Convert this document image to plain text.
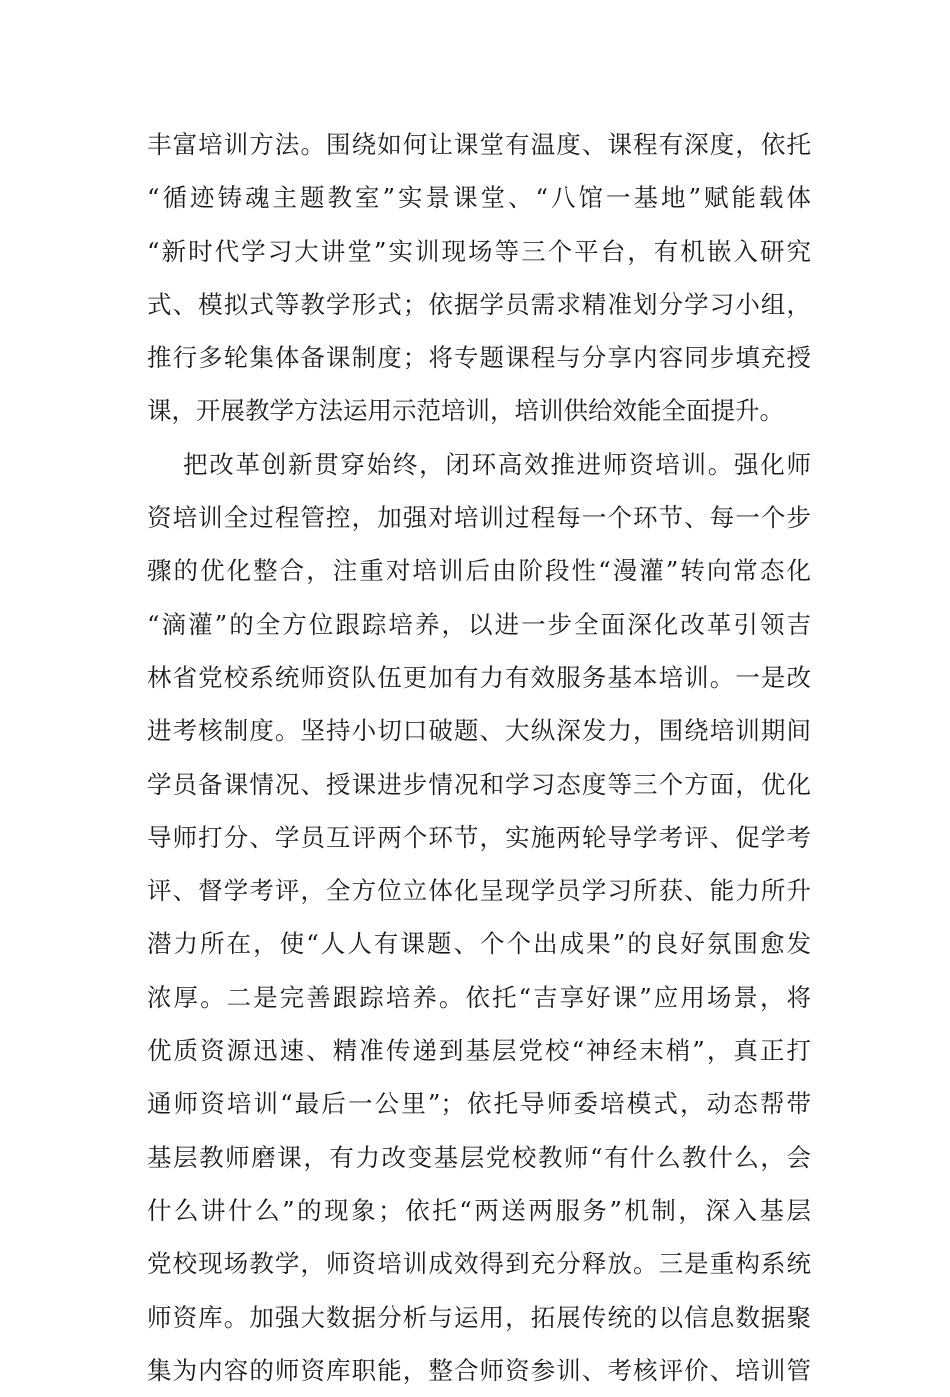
丰富培训方法。围绕如何让课堂有温度、课程有深度，依托
“循迹铸魂主题教室”实景课堂、“八馆一基地”赋能载体
“新时代学习大讲堂”实训现场等三个平台，有机嵌入研究
式、模拟式等教学形式；依据学员需求精准划分学习小组，
推行多轮集体备课制度；将专题课程与分享内容同步填充授
课，开展教学方法运用示范培训，培训供给效能全面提升。
把改革创新贯穿始终，闭环高效推进师资培训。强化师
资培训全过程管控，加强对培训过程每一个环节、每一个步
骤的优化整合，注重对培训后由阶段性“漫灌”转向常态化
“滴灌”的全方位跟踪培养，以进一步全面深化改革引领吉
林省党校系统师资队伍更加有力有效服务基本培训。一是改
进考核制度。坚持小切口破题、大纵深发力，围绕培训期间
学员备课情况、授课进步情况和学习态度等三个方面，优化
导师打分、学员互评两个环节，实施两轮导学考评、促学考
评、督学考评，全方位立体化呈现学员学习所获、能力所升
潜力所在，使“人人有课题、个个出成果”的良好氛围愈发
浓厚。二是完善跟踪培养。依托“吉享好课”应用场景，将
优质资源迅速、精准传递到基层党校“神经末梢”，真正打
通师资培训“最后一公里”；依托导师委培模式，动态帮带
基层教师磨课，有力改变基层党校教师“有什么教什么，会
什么讲什么”的现象；依托“两送两服务”机制，深入基层
党校现场教学，师资培训成效得到充分释放。三是重构系统
师资库。加强大数据分析与运用，拓展传统的以信息数据聚
集为内容的师资库职能，整合师资参训、考核评价、培训管
